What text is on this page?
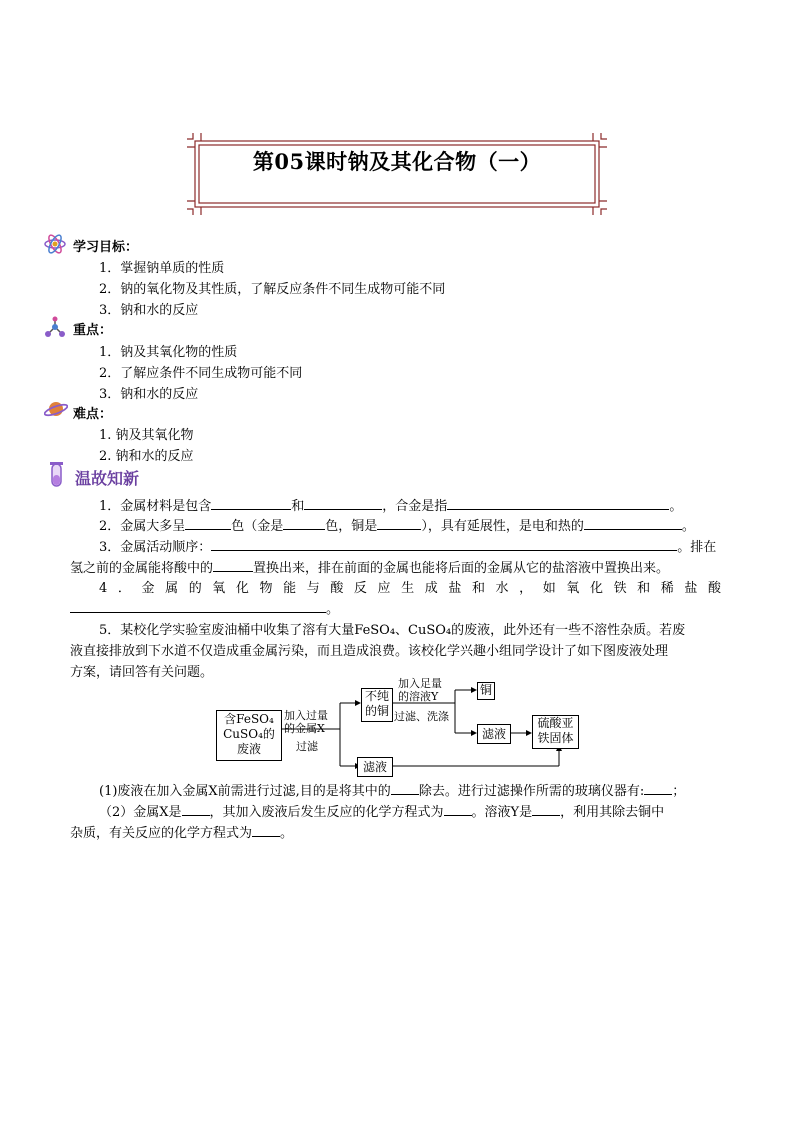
第05课时钠及其化合物（一）
学习目标：
1．掌握钠单质的性质
2．钠的氧化物及其性质，了解反应条件不同生成物可能不同
3．钠和水的反应
重点：
1．钠及其氧化物的性质
2．了解应条件不同生成物可能不同
3．钠和水的反应
难点：
1. 钠及其氧化物
2. 钠和水的反应
温故知新
1．金属材料是包含	和	，合金是指	。
2．金属大多呈	色（金是	色，铜是	），具有延展性，是电和热的	。
3．金属活动顺序：	。排在
氢之前的金属能将酸中的	置换出来，排在前面的金属也能将后面的金属从它的盐溶液中置换出来。
4．金属的氧化物能与酸反应生成盐和水，如氧化铁和稀盐酸
。
5．某校化学实验室废油桶中收集了溶有大量FeSO₄、CuSO₄的废液，此外还有一些不溶性杂质。若废
液直接排放到下水道不仅造成重金属污染，而且造成浪费。该校化学兴趣小组同学设计了如下图废液处理
方案，请回答有关问题。
含FeSO₄
CuSO₄的
废液
加入过量
的金属X
过滤
不纯
的铜
加入足量
的溶液Y
过滤、洗涤
铜
滤液
硫酸亚
铁固体
滤液
(1)废液在加入金属X前需进行过滤,目的是将其中的 除去。进行过滤操作所需的玻璃仪器有: ；
（2）金属X是 ，其加入废液后发生反应的化学方程式为 。溶液Y是 ，利用其除去铜中
杂质，有关反应的化学方程式为 。
